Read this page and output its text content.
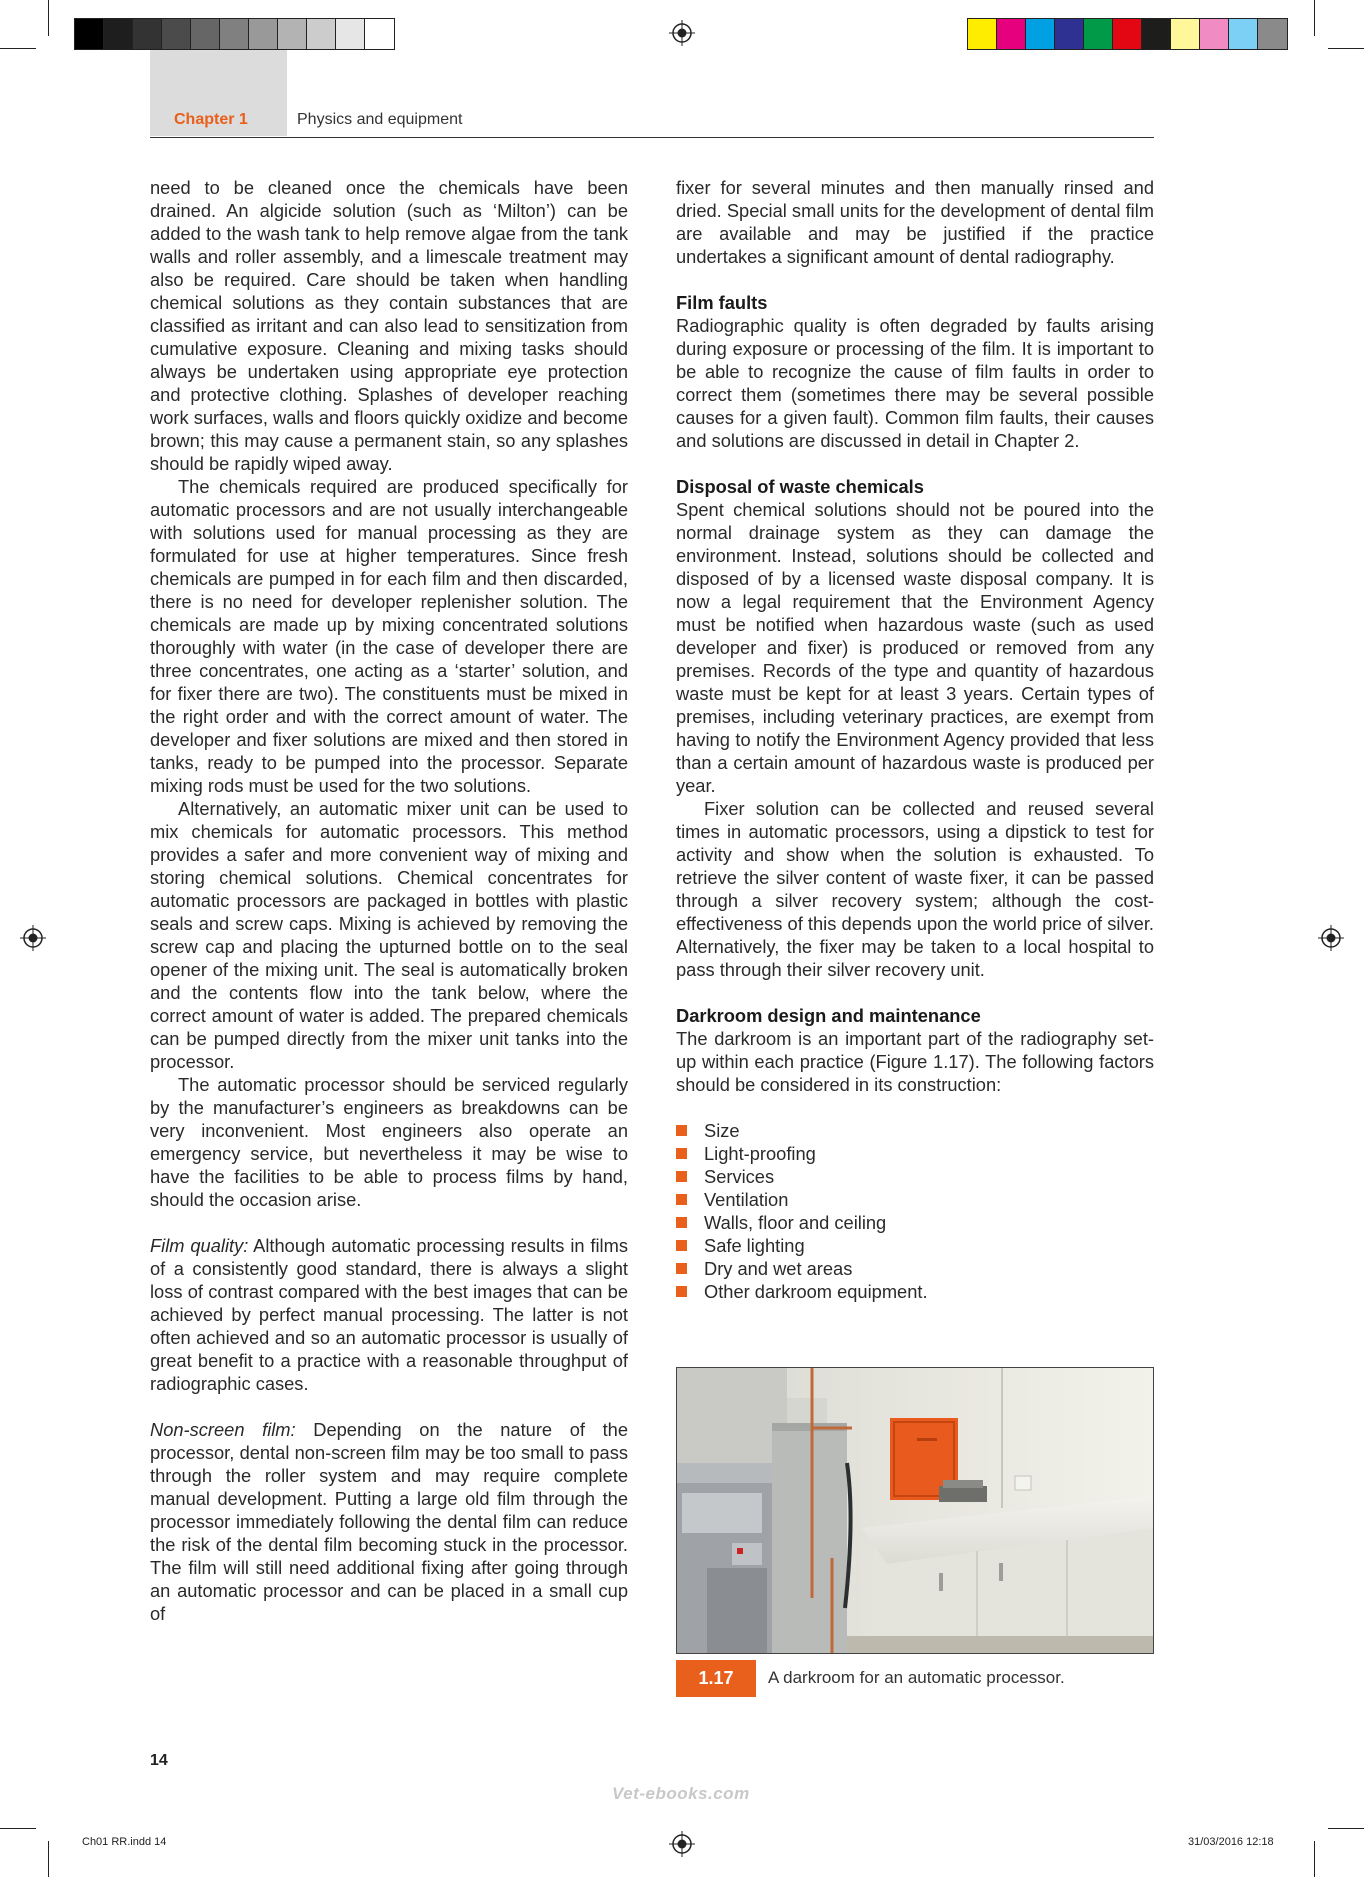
Chapter 1	Physics and equipment

need to be cleaned once the chemicals have been drained. An algicide solution (such as ‘Milton’) can be added to the wash tank to help remove algae from the tank walls and roller assembly, and a limescale treatment may also be required. Care should be taken when handling chemical solutions as they contain substances that are classified as irritant and can also lead to sensitization from cumulative exposure. Cleaning and mixing tasks should always be undertaken using appropriate eye protection and protective clothing. Splashes of developer reaching work surfaces, walls and floors quickly oxidize and become brown; this may cause a permanent stain, so any splashes should be rapidly wiped away.

The chemicals required are produced specifically for automatic processors and are not usually interchangeable with solutions used for manual processing as they are formulated for use at higher temperatures. Since fresh chemicals are pumped in for each film and then discarded, there is no need for developer replenisher solution. The chemicals are made up by mixing concentrated solutions thoroughly with water (in the case of developer there are three concentrates, one acting as a ‘starter’ solution, and for fixer there are two). The constituents must be mixed in the right order and with the correct amount of water. The developer and fixer solutions are mixed and then stored in tanks, ready to be pumped into the processor. Separate mixing rods must be used for the two solutions.

Alternatively, an automatic mixer unit can be used to mix chemicals for automatic processors. This method provides a safer and more convenient way of mixing and storing chemical solutions. Chemical concentrates for automatic processors are packaged in bottles with plastic seals and screw caps. Mixing is achieved by removing the screw cap and placing the upturned bottle on to the seal opener of the mixing unit. The seal is automatically broken and the contents flow into the tank below, where the correct amount of water is added. The prepared chemicals can be pumped directly from the mixer unit tanks into the processor.

The automatic processor should be serviced regularly by the manufacturer’s engineers as breakdowns can be very inconvenient. Most engineers also operate an emergency service, but nevertheless it may be wise to have the facilities to be able to process films by hand, should the occasion arise.

Film quality: Although automatic processing results in films of a consistently good standard, there is always a slight loss of contrast compared with the best images that can be achieved by perfect manual processing. The latter is not often achieved and so an automatic processor is usually of great benefit to a practice with a reasonable throughput of radiographic cases.

Non-screen film: Depending on the nature of the processor, dental non-screen film may be too small to pass through the roller system and may require complete manual development. Putting a large old film through the processor immediately following the dental film can reduce the risk of the dental film becoming stuck in the processor. The film will still need additional fixing after going through an automatic processor and can be placed in a small cup of

fixer for several minutes and then manually rinsed and dried. Special small units for the development of dental film are available and may be justified if the practice undertakes a significant amount of dental radiography.

Film faults

Radiographic quality is often degraded by faults arising during exposure or processing of the film. It is important to be able to recognize the cause of film faults in order to correct them (sometimes there may be several possible causes for a given fault). Common film faults, their causes and solutions are discussed in detail in Chapter 2.

Disposal of waste chemicals

Spent chemical solutions should not be poured into the normal drainage system as they can damage the environment. Instead, solutions should be collected and disposed of by a licensed waste disposal company. It is now a legal requirement that the Environment Agency must be notified when hazardous waste (such as used developer and fixer) is produced or removed from any premises. Records of the type and quantity of hazardous waste must be kept for at least 3 years. Certain types of premises, including veterinary practices, are exempt from having to notify the Environment Agency provided that less than a certain amount of hazardous waste is produced per year.

Fixer solution can be collected and reused several times in automatic processors, using a dipstick to test for activity and show when the solution is exhausted. To retrieve the silver content of waste fixer, it can be passed through a silver recovery system; although the cost-effectiveness of this depends upon the world price of silver. Alternatively, the fixer may be taken to a local hospital to pass through their silver recovery unit.

Darkroom design and maintenance

The darkroom is an important part of the radiography set-up within each practice (Figure 1.17). The following factors should be considered in its construction:

Size
Light-proofing
Services
Ventilation
Walls, floor and ceiling
Safe lighting
Dry and wet areas
Other darkroom equipment.
1.17	A darkroom for an automatic processor.
14
Vet-ebooks.com
Ch01 RR.indd 14	31/03/2016 12:18
